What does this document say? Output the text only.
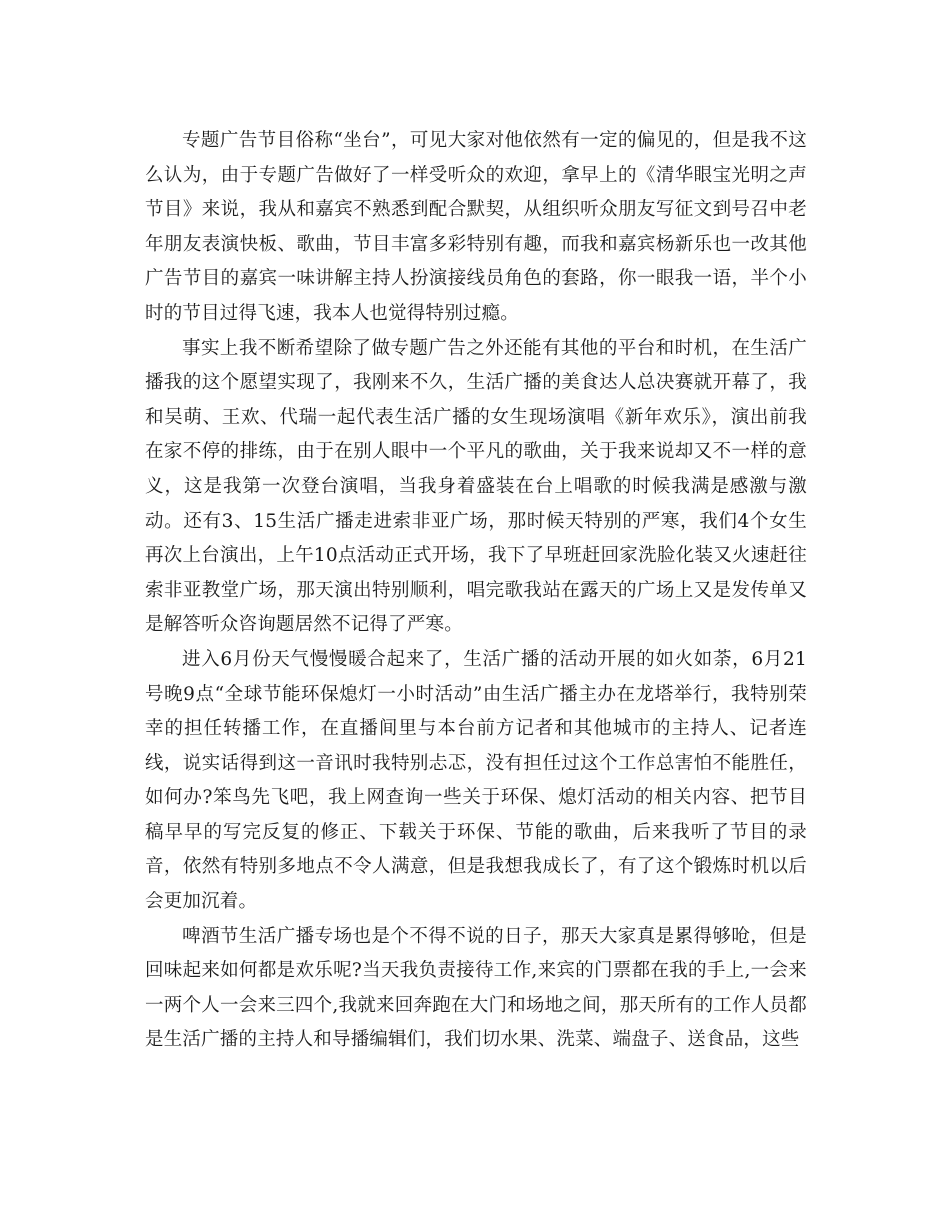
专题广告节目俗称“坐台”，可见大家对他依然有一定的偏见的，但是我不这么认为，由于专题广告做好了一样受听众的欢迎，拿早上的《清华眼宝光明之声节目》来说，我从和嘉宾不熟悉到配合默契，从组织听众朋友写征文到号召中老年朋友表演快板、歌曲，节目丰富多彩特别有趣，而我和嘉宾杨新乐也一改其他广告节目的嘉宾一味讲解主持人扮演接线员角色的套路，你一眼我一语，半个小时的节目过得飞速，我本人也觉得特别过瘾。

事实上我不断希望除了做专题广告之外还能有其他的平台和时机，在生活广播我的这个愿望实现了，我刚来不久，生活广播的美食达人总决赛就开幕了，我和吴萌、王欢、代瑞一起代表生活广播的女生现场演唱《新年欢乐》，演出前我在家不停的排练，由于在别人眼中一个平凡的歌曲，关于我来说却又不一样的意义，这是我第一次登台演唱，当我身着盛装在台上唱歌的时候我满是感激与激动。还有3、15生活广播走进索非亚广场，那时候天特别的严寒，我们4个女生再次上台演出，上午10点活动正式开场，我下了早班赶回家洗脸化装又火速赶往索非亚教堂广场，那天演出特别顺利，唱完歌我站在露天的广场上又是发传单又是解答听众咨询题居然不记得了严寒。

进入6月份天气慢慢暖合起来了，生活广播的活动开展的如火如荼，6月21号晚9点“全球节能环保熄灯一小时活动”由生活广播主办在龙塔举行，我特别荣幸的担任转播工作，在直播间里与本台前方记者和其他城市的主持人、记者连线，说实话得到这一音讯时我特别忐忑，没有担任过这个工作总害怕不能胜任，如何办?笨鸟先飞吧，我上网查询一些关于环保、熄灯活动的相关内容、把节目稿早早的写完反复的修正、下载关于环保、节能的歌曲，后来我听了节目的录音，依然有特别多地点不令人满意，但是我想我成长了，有了这个锻炼时机以后会更加沉着。

啤酒节生活广播专场也是个不得不说的日子，那天大家真是累得够呛，但是回味起来如何都是欢乐呢?当天我负责接待工作,来宾的门票都在我的手上,一会来一两个人一会来三四个,我就来回奔跑在大门和场地之间，那天所有的工作人员都是生活广播的主持人和导播编辑们，我们切水果、洗菜、端盘子、送食品，这些
